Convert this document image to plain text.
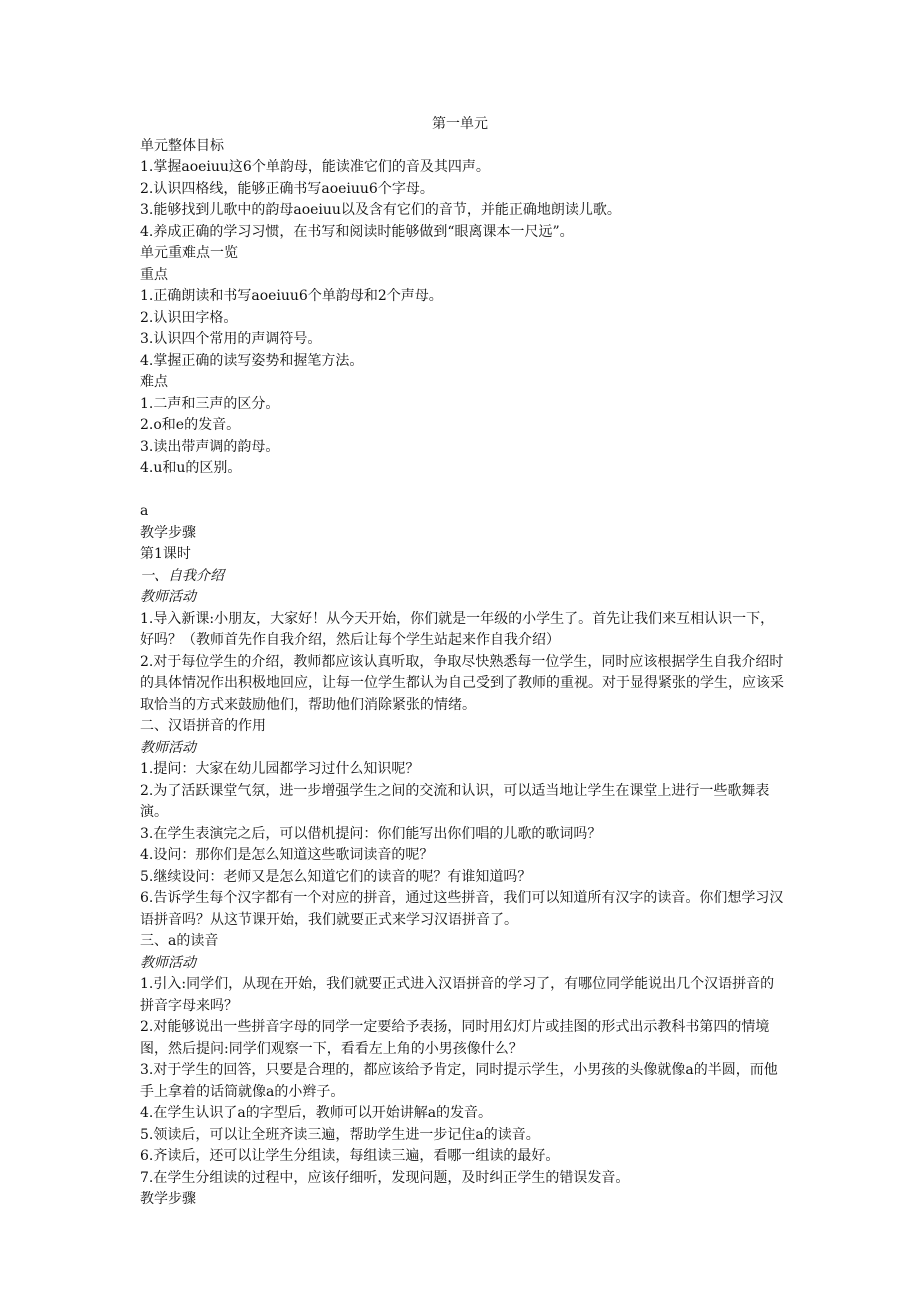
第一单元

单元整体目标

1.掌握aoeiuu这6个单韵母，能读准它们的音及其四声。

2.认识四格线，能够正确书写aoeiuu6个字母。

3.能够找到儿歌中的韵母aoeiuu以及含有它们的音节，并能正确地朗读儿歌。

4.养成正确的学习习惯，在书写和阅读时能够做到“眼离课本一尺远”。

单元重难点一览

重点

1.正确朗读和书写aoeiuu6个单韵母和2个声母。

2.认识田字格。

3.认识四个常用的声调符号。

4.掌握正确的读写姿势和握笔方法。

难点

1.二声和三声的区分。

2.o和e的发音。

3.读出带声调的韵母。

4.u和u的区别。

a

教学步骤

第1课时

一、自我介绍

教师活动

1.导入新课:小朋友，大家好！从今天开始，你们就是一年级的小学生了。首先让我们来互相认识一下，好吗？（教师首先作自我介绍，然后让每个学生站起来作自我介绍）

2.对于每位学生的介绍，教师都应该认真听取，争取尽快熟悉每一位学生，同时应该根据学生自我介绍时的具体情况作出积极地回应，让每一位学生都认为自己受到了教师的重视。对于显得紧张的学生，应该采取恰当的方式来鼓励他们，帮助他们消除紧张的情绪。

二、汉语拼音的作用

教师活动

1.提问：大家在幼儿园都学习过什么知识呢？

2.为了活跃课堂气氛，进一步增强学生之间的交流和认识，可以适当地让学生在课堂上进行一些歌舞表演。

3.在学生表演完之后，可以借机提问：你们能写出你们唱的儿歌的歌词吗？

4.设问：那你们是怎么知道这些歌词读音的呢？

5.继续设问：老师又是怎么知道它们的读音的呢？有谁知道吗？

6.告诉学生每个汉字都有一个对应的拼音，通过这些拼音，我们可以知道所有汉字的读音。你们想学习汉语拼音吗？从这节课开始，我们就要正式来学习汉语拼音了。

三、a的读音

教师活动

1.引入:同学们，从现在开始，我们就要正式进入汉语拼音的学习了，有哪位同学能说出几个汉语拼音的拼音字母来吗？

2.对能够说出一些拼音字母的同学一定要给予表扬，同时用幻灯片或挂图的形式出示教科书第四的情境图，然后提问:同学们观察一下，看看左上角的小男孩像什么？

3.对于学生的回答，只要是合理的，都应该给予肯定，同时提示学生，小男孩的头像就像a的半圆，而他手上拿着的话筒就像a的小辫子。

4.在学生认识了a的字型后，教师可以开始讲解a的发音。

5.领读后，可以让全班齐读三遍，帮助学生进一步记住a的读音。

6.齐读后，还可以让学生分组读，每组读三遍，看哪一组读的最好。

7.在学生分组读的过程中，应该仔细听，发现问题，及时纠正学生的错误发音。

教学步骤
